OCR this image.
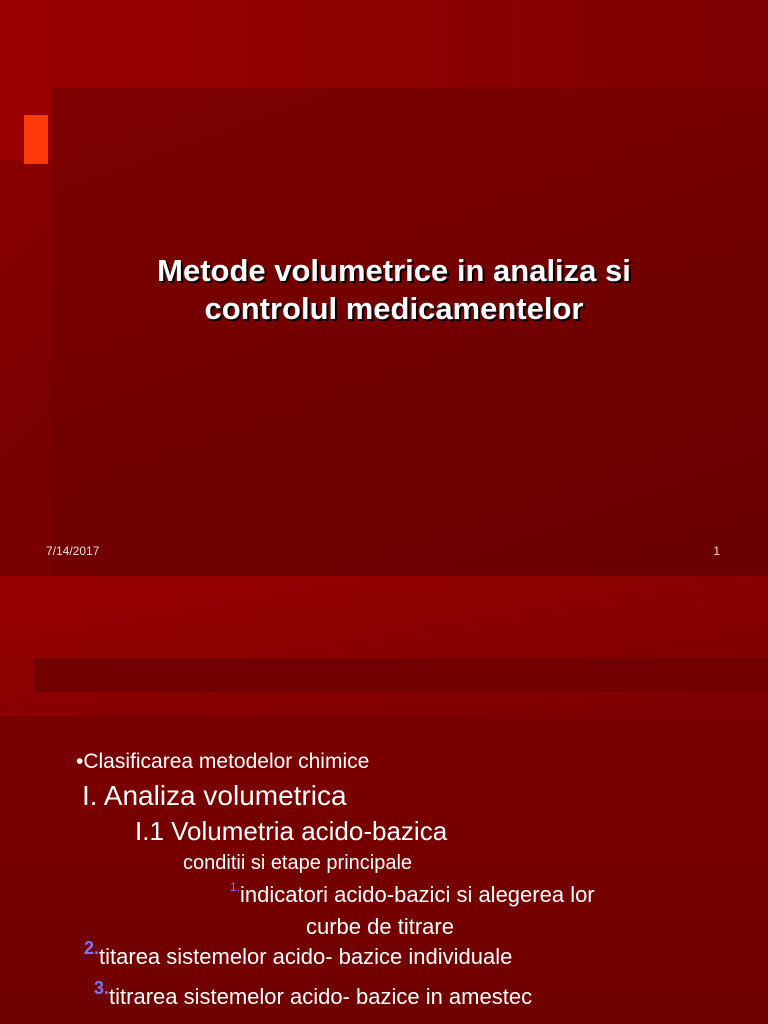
Metode volumetrice in analiza si
controlul medicamentelor
7/14/2017	1
•Clasificarea metodelor chimice
I. Analiza volumetrica
I.1 Volumetria acido-bazica
conditii si etape principale
$^{1.}$indicatori acido-bazici si alegerea lor
curbe de titrare
$^{2.}$titarea sistemelor acido- bazice individuale
$^{3.}$titrarea sistemelor acido- bazice in amestec
